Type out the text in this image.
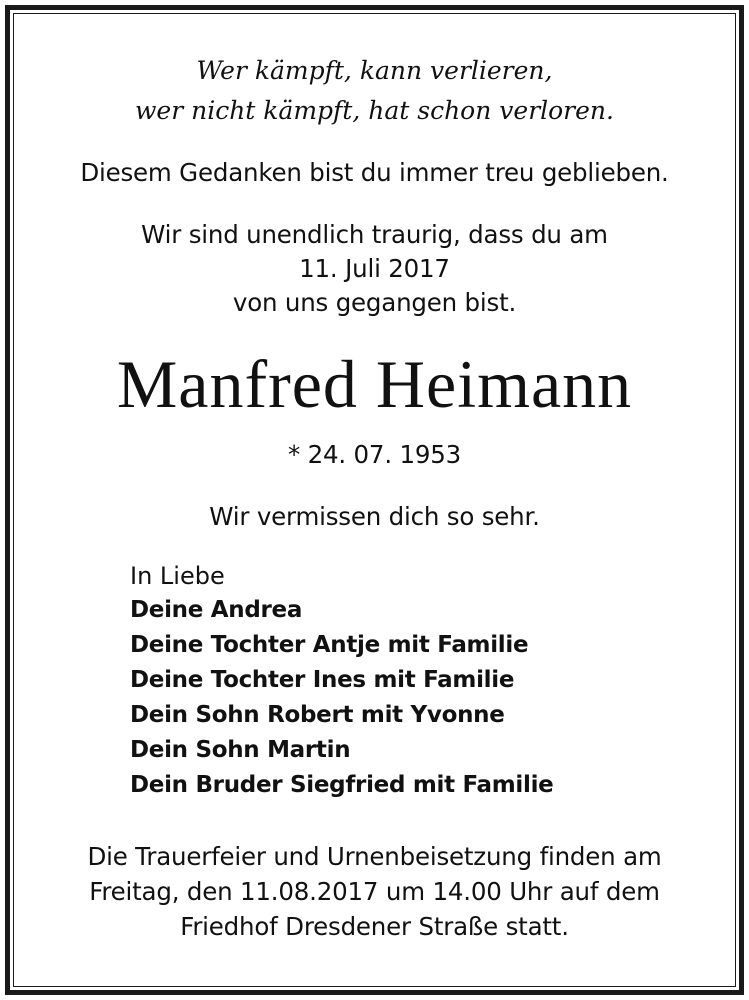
Wer kämpft, kann verlieren,

wer nicht kämpft, hat schon verloren.

Diesem Gedanken bist du immer treu geblieben.

Wir sind unendlich traurig, dass du am

11. Juli 2017

von uns gegangen bist.

Manfred Heimann

* 24. 07. 1953

Wir vermissen dich so sehr.

In Liebe

Deine Andrea

Deine Tochter Antje mit Familie

Deine Tochter Ines mit Familie

Dein Sohn Robert mit Yvonne

Dein Sohn Martin

Dein Bruder Siegfried mit Familie

Die Trauerfeier und Urnenbeisetzung finden am

Freitag, den 11.08.2017 um 14.00 Uhr auf dem

Friedhof Dresdener Straße statt.
